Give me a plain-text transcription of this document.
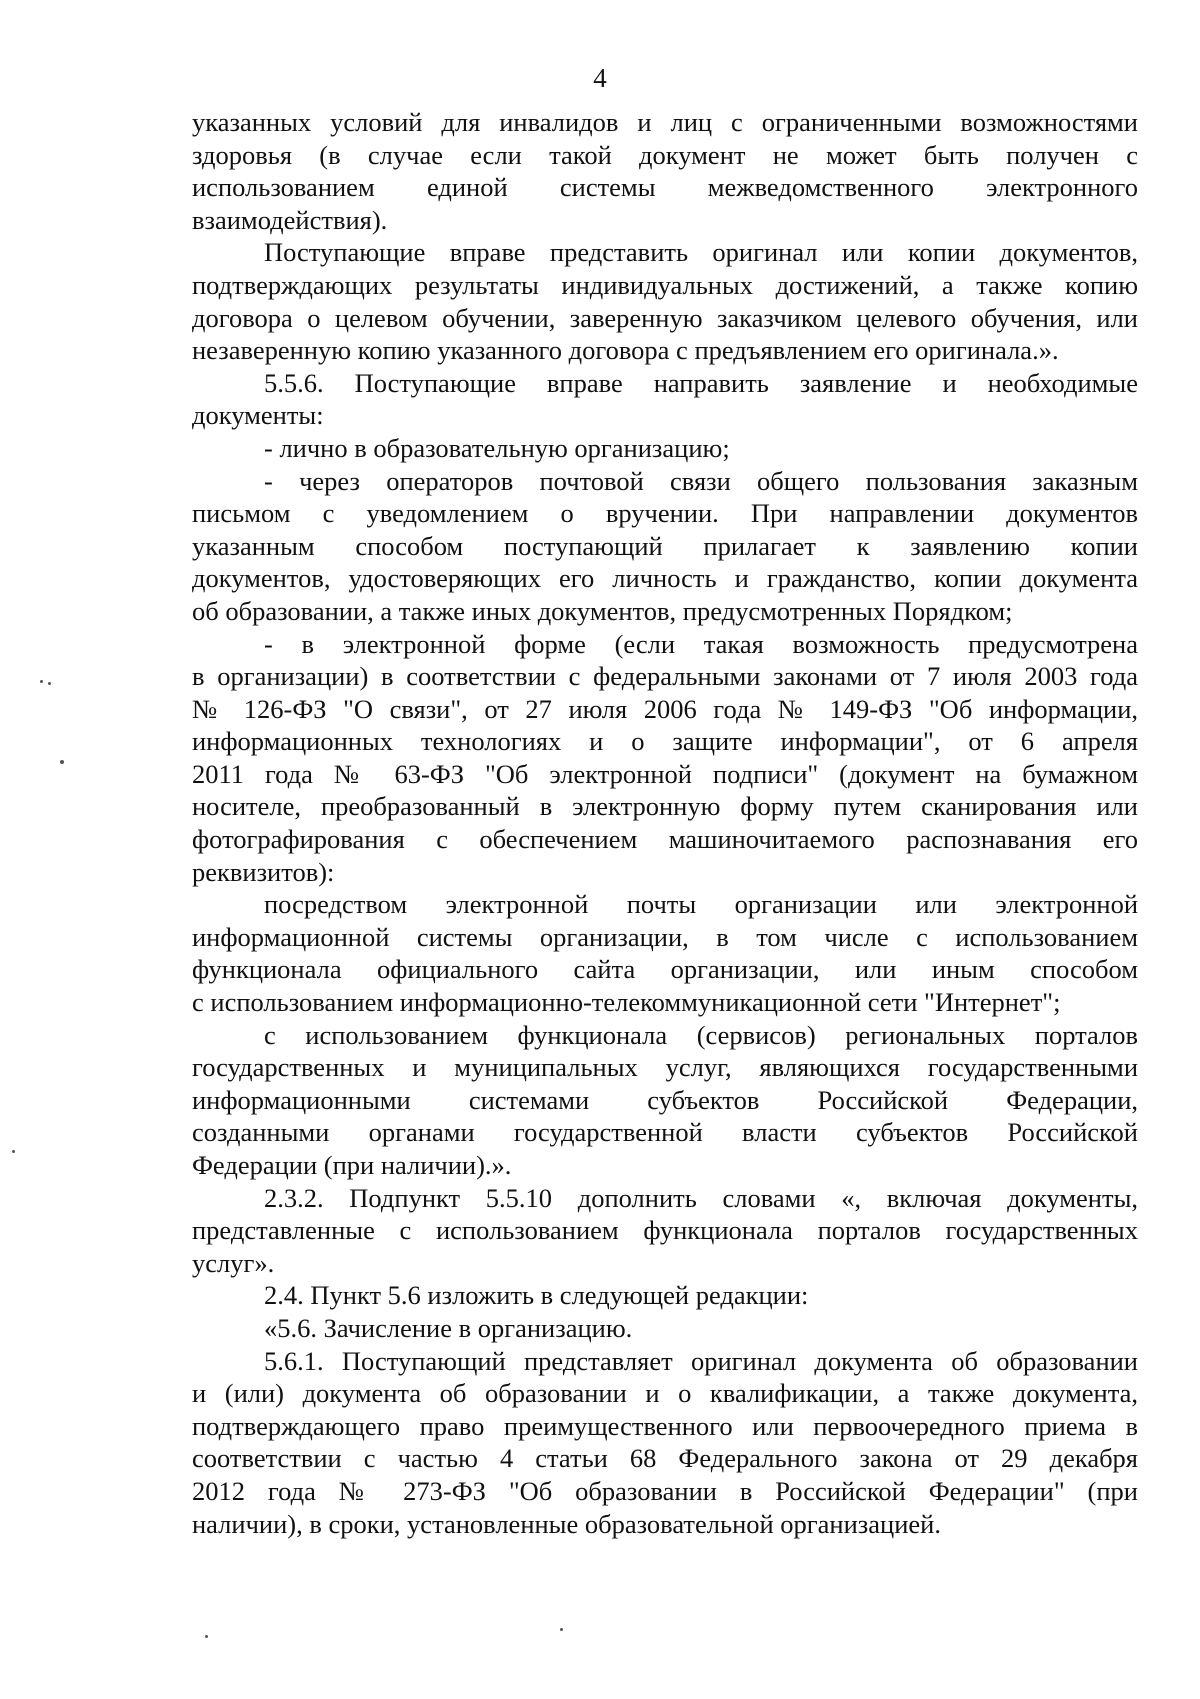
4
указанных условий для инвалидов и лиц с ограниченными возможностями
здоровья (в случае если такой документ не может быть получен с
использованием единой системы межведомственного электронного
взаимодействия).
Поступающие вправе представить оригинал или копии документов,
подтверждающих результаты индивидуальных достижений, а также копию
договора о целевом обучении, заверенную заказчиком целевого обучения, или
незаверенную копию указанного договора с предъявлением его оригинала.».
5.5.6. Поступающие вправе направить заявление и необходимые
документы:
- лично в образовательную организацию;
- через операторов почтовой связи общего пользования заказным
письмом с уведомлением о вручении. При направлении документов
указанным способом поступающий прилагает к заявлению копии
документов, удостоверяющих его личность и гражданство, копии документа
об образовании, а также иных документов, предусмотренных Порядком;
- в электронной форме (если такая возможность предусмотрена
в организации) в соответствии с федеральными законами от 7 июля 2003 года
№ 126-ФЗ "О связи", от 27 июля 2006 года № 149-ФЗ "Об информации,
информационных технологиях и о защите информации", от 6 апреля
2011 года № 63-ФЗ "Об электронной подписи" (документ на бумажном
носителе, преобразованный в электронную форму путем сканирования или
фотографирования с обеспечением машиночитаемого распознавания его
реквизитов):
посредством электронной почты организации или электронной
информационной системы организации, в том числе с использованием
функционала официального сайта организации, или иным способом
с использованием информационно-телекоммуникационной сети "Интернет";
с использованием функционала (сервисов) региональных порталов
государственных и муниципальных услуг, являющихся государственными
информационными системами субъектов Российской Федерации,
созданными органами государственной власти субъектов Российской
Федерации (при наличии).».
2.3.2. Подпункт 5.5.10 дополнить словами «, включая документы,
представленные с использованием функционала порталов государственных
услуг».
2.4. Пункт 5.6 изложить в следующей редакции:
«5.6. Зачисление в организацию.
5.6.1. Поступающий представляет оригинал документа об образовании
и (или) документа об образовании и о квалификации, а также документа,
подтверждающего право преимущественного или первоочередного приема в
соответствии с частью 4 статьи 68 Федерального закона от 29 декабря
2012 года № 273-ФЗ "Об образовании в Российской Федерации" (при
наличии), в сроки, установленные образовательной организацией.
